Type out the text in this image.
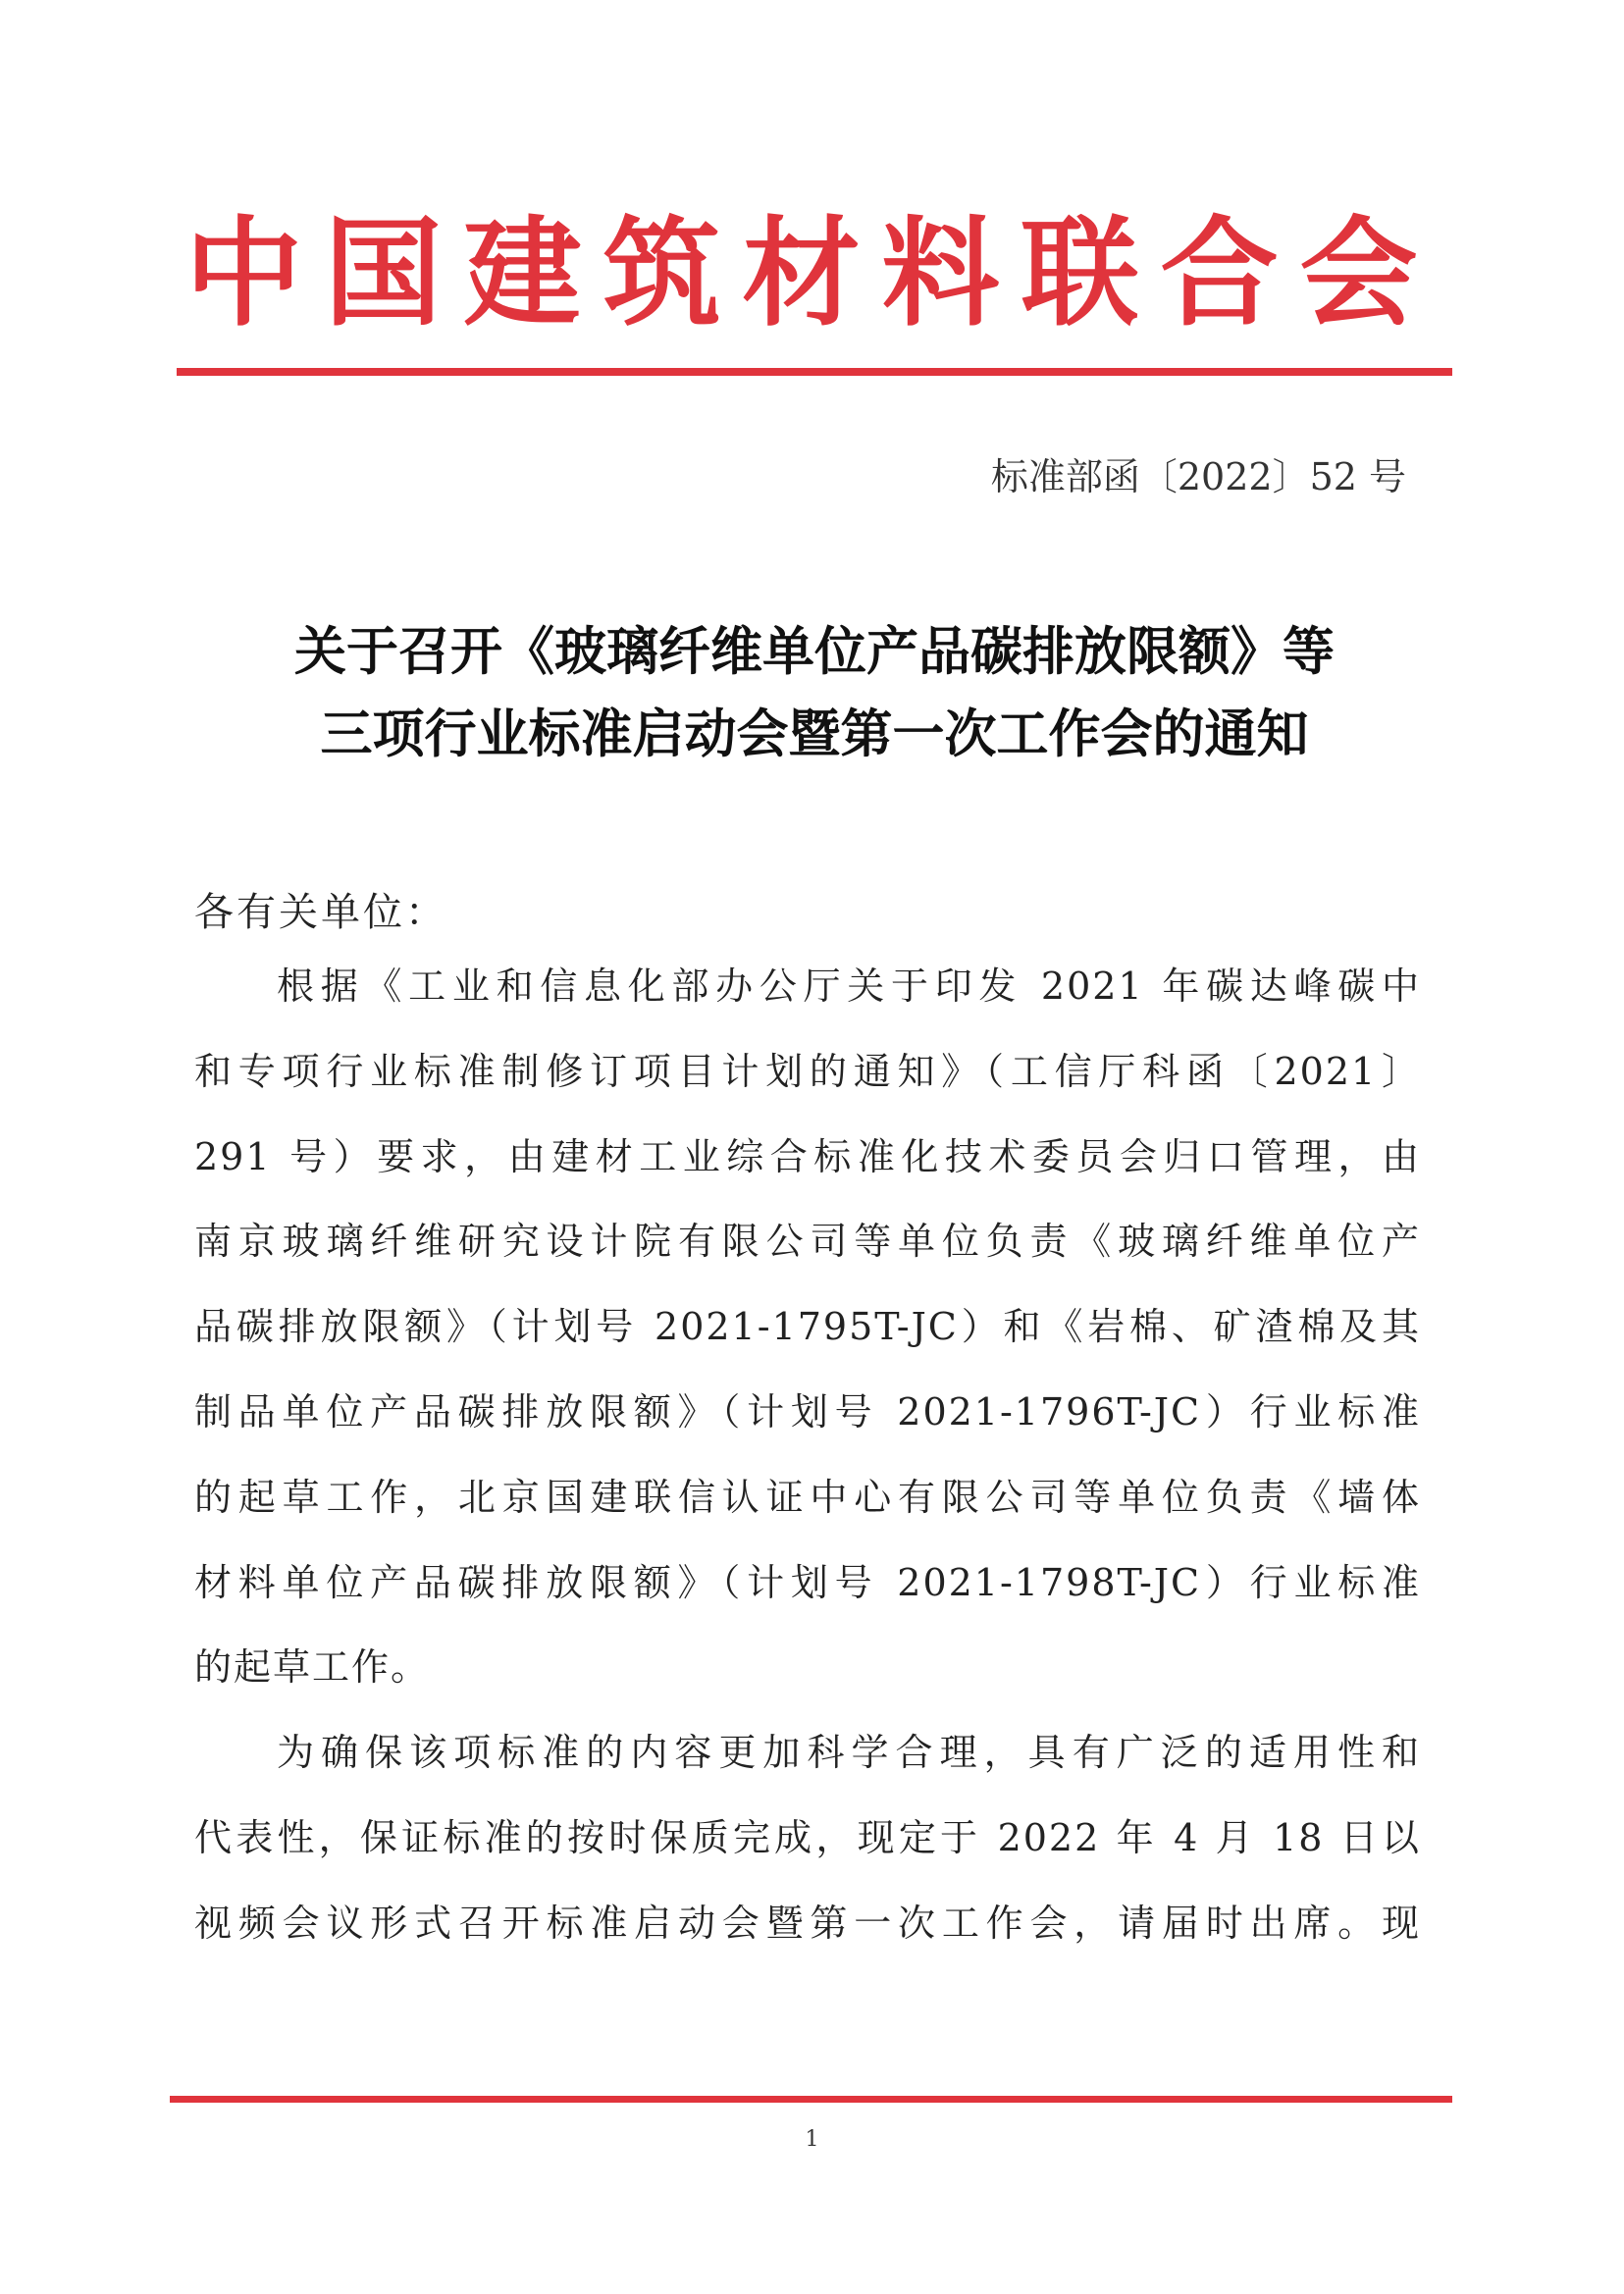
中国建筑材料联合会
标准部函〔2022〕52 号
关于召开《玻璃纤维单位产品碳排放限额》等
三项行业标准启动会暨第一次工作会的通知
各有关单位：
根据《工业和信息化部办公厅关于印发 2021 年碳达峰碳中
和专项行业标准制修订项目计划的通知》（工信厅科函〔2021〕
291 号）要求，由建材工业综合标准化技术委员会归口管理，由
南京玻璃纤维研究设计院有限公司等单位负责《玻璃纤维单位产
品碳排放限额》（计划号 2021-1795T-JC）和《岩棉、矿渣棉及其
制品单位产品碳排放限额》（计划号 2021-1796T-JC）行业标准
的起草工作，北京国建联信认证中心有限公司等单位负责《墙体
材料单位产品碳排放限额》（计划号 2021-1798T-JC）行业标准
的起草工作。
为确保该项标准的内容更加科学合理，具有广泛的适用性和
代表性，保证标准的按时保质完成，现定于 2022 年 4 月 18 日以
视频会议形式召开标准启动会暨第一次工作会，请届时出席。现
1
